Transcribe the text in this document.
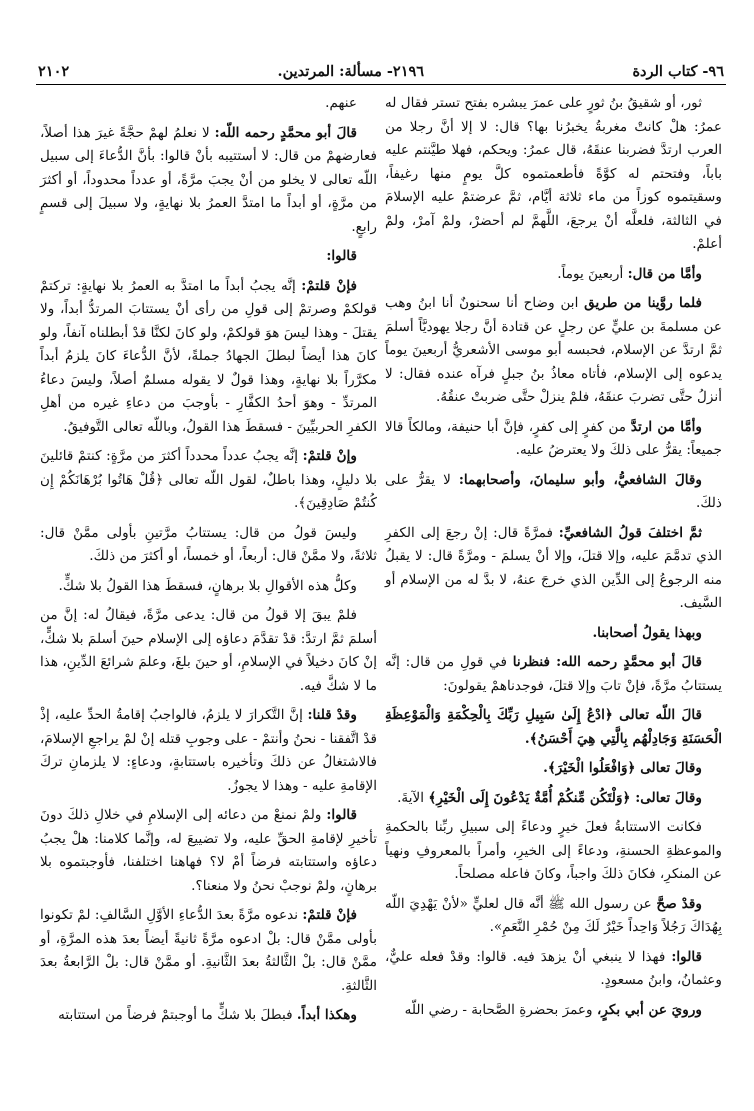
٩٦- كتاب الردة
٢١٩٦- مسألة: المرتدين.
٢١٠٢

ثور، أو شقيقُ بنُ ثورٍ على عمرَ يبشره بفتح تستر فقال له عمرُ: هلْ كانتْ مغربةُ يخبرُنا بها؟ قال: لا إلا أنَّ رجلا من العرب ارتدَّ فضربنا عنقَهُ، قال عمرُ: ويحكم، فهلا طيَّنتم عليه باباً، وفتحتم له كوَّةً فأطعمتموه كلَّ يومٍ منها رغيفاً، وسقيتموه كوزاً من ماء ثلاثة أيَّام، ثمَّ عرضتمْ عليه الإسلامَ في الثالثة، فلعلَّه أنْ يرجعَ، اللَّهمَّ لم أحضرْ، ولمْ آمرْ، ولمْ أعلمْ.

وأمَّا من قال: أربعينَ يوماً.

فلما روَّينا من طريق ابن وضاح أنا سحنونٌ أنا ابنُ وهب عن مسلمةَ بن عليٍّ عن رجلٍ عن قتادة أنَّ رجلا يهوديَّاً أسلمَ ثمَّ ارتدَّ عن الإسلام، فحبسه أبو موسى الأشعريُّ أربعينَ يوماً يدعوه إلى الإسلام، فأتاه معاذُ بنُ جبلٍ فرآه عنده فقال: لا أنزلُ حتَّى تضربَ عنقَهُ، فلمْ ينزلْ حتَّى ضربتْ عنقُهُ.

وأمَّا من ارتدَّ من كفرٍ إلى كفرٍ، فإنَّ أبا حنيفة، ومالكاً قالا جميعاً: يقرُّ على ذلكَ ولا يعترضُ عليه.

وقالَ الشافعيُّ، وأبو سليمانَ، وأصحابهما: لا يقرُّ على ذلكَ.

ثمَّ اختلفَ قولُ الشافعيِّ: فمرَّةً قال: إنْ رجعَ إلى الكفرِ الذي تدمَّمَ عليه، وإلا قتلَ، وإلا أنْ يسلمَ - ومرَّةً قال: لا يقبلُ منه الرجوعُ إلى الدِّين الذي خرجَ عنهُ، لا بدَّ له من الإسلام أو السَّيف.

وبهذا يقولُ أصحابنا.

قالَ أبو محمَّدٍ رحمه الله: فنظرنا في قولِ من قال: إنَّه يستتابُ مرَّةً، فإنْ تابَ وإلا قتلَ، فوجدناهمْ يقولونَ:

قالَ اللّه تعالى ﴿ادْعُ إِلَىٰ سَبِيلِ رَبِّكَ بِالْحِكْمَةِ وَالْمَوْعِظَةِ الْحَسَنَةِ وَجَادِلْهُم بِالَّتِي هِيَ أَحْسَنُ﴾.

وقالَ تعالى ﴿وَافْعَلُوا الْخَيْرَ﴾.

وقالَ تعالى: ﴿وَلْتَكُن مِّنكُمْ أُمَّةٌ يَدْعُونَ إِلَى الْخَيْرِ﴾ الآيةَ.

فكانت الاستتابةُ فعلَ خيرٍ ودعاءً إلى سبيلِ ربِّنا بالحكمةِ والموعظةِ الحسنةِ، ودعاءً إلى الخيرِ، وأمراً بالمعروفِ ونهياً عن المنكرِ، فكانَ ذلكَ واجباً، وكانَ فاعله مصلحاً.

وقدْ صحَّ عن رسول الله ﷺ أنَّه قال لعليٍّ «لأنْ يَهْدِيَ اللّه بِهُدَاكَ رَجُلاً وَاحِداً خَيْرٌ لَكَ مِنْ حُمْرِ النَّعَمِ».

قالوا: فهذا لا ينبغي أنْ يزهدَ فيه. قالوا: وقدْ فعله عليٌّ، وعثمانُ، وابنُ مسعودٍ.

ورويَ عن أبي بكرٍ، وعمرَ بحضرةِ الصَّحابة - رضي اللّه

عنهم.

قالَ أبو محمَّدٍ رحمه اللّه: لا نعلمُ لهمْ حجَّةً غيرَ هذا أصلاً، فعارضهمْ من قال: لا أستتيبه بأنْ قالوا: بأنَّ الدُّعاءَ إلى سبيل اللّه تعالى لا يخلو من أنْ يجبَ مرَّةً، أو عدداً محدوداً، أو أكثرَ من مرَّةٍ، أو أبداً ما امتدَّ العمرُ بلا نهايةٍ، ولا سبيلَ إلى قسمٍ رابعٍ.

قالوا:

فإنْ قلتمْ: إنَّه يجبُ أبداً ما امتدَّ به العمرُ بلا نهايةٍ: تركتمْ قولكمْ وصرتمْ إلى قولِ من رأى أنْ يستتابَ المرتدُّ أبداً، ولا يقتلَ - وهذا ليسَ هوَ قولكمْ، ولو كانَ لكنَّا قدْ أبطلناه آنفاً، ولو كانَ هذا أيضاً لبطلَ الجهادُ جملةً، لأنَّ الدُّعاءَ كانَ يلزمُ أبداً مكرَّراً بلا نهايةٍ، وهذا قولٌ لا يقوله مسلمٌ أصلاً، وليسَ دعاءُ المرتدِّ - وهوَ أحدُ الكفَّارِ - بأوجبَ من دعاءِ غيره من أهلِ الكفرِ الحربيِّينَ - فسقطَ هذا القولُ، وباللّه تعالى التَّوفيقُ.

وإنْ قلتمْ: إنَّه يجبُ عدداً محدداً أكثرَ من مرَّةٍ: كنتمْ قائلينَ بلا دليلٍ، وهذا باطلٌ، لقول اللّه تعالى ﴿قُلْ هَاتُوا بُرْهَانَكُمْ إِن كُنتُمْ صَادِقِينَ﴾.

وليسَ قولُ من قال: يستتابُ مرَّتينِ بأولى ممَّنْ قال: ثلاثةً، ولا ممَّنْ قال: أربعاً، أو خمساً، أو أكثرَ من ذلكَ.

وكلُّ هذه الأقوالِ بلا برهانٍ، فسقطَ هذا القولُ بلا شكٍّ.

فلمْ يبقَ إلا قولُ من قال: يدعى مرَّةً، فيقالُ له: إنَّ من أسلمَ ثمَّ ارتدَّ: قدْ تقدَّمَ دعاؤه إلى الإسلام حينَ أسلمَ بلا شكٍّ، إنْ كانَ دخيلاً في الإسلامِ، أو حينَ بلغَ، وعلمَ شرائعَ الدِّينِ، هذا ما لا شكَّ فيه.

وقدْ قلنا: إنَّ التَّكرارَ لا يلزمُ، فالواجبُ إقامةُ الحدِّ عليه، إذْ قدْ اتَّفقنا - نحنُ وأنتمْ - على وجوبِ قتله إنْ لمْ يراجعِ الإسلامَ، فالاشتغالُ عن ذلكَ وتأخيره باستتابةٍ، ودعاءٍ: لا يلزمانِ تركَ الإقامةِ عليه - وهذا لا يجوزُ.

قالوا: ولمْ نمنعْ من دعائه إلى الإسلامِ في خلالِ ذلكَ دونَ تأخيرِ لإقامةِ الحقِّ عليه، ولا تضييعَ له، وإنَّما كلامنا: هلْ يجبُ دعاؤه واستتابته فرضاً أمْ لا؟ فهاهنا اختلفنا، فأوجبتموه بلا برهانٍ، ولمْ نوجبْ نحنُ ولا منعنا؟.

فإنْ قلتمْ: ندعوه مرَّةً بعدَ الدُّعاءِ الأوَّلِ السَّالفِ: لمْ تكونوا بأولى ممَّنْ قال: بلْ ادعوه مرَّةً ثانيةً أيضاً بعدَ هذه المرَّةِ، أو ممَّنْ قال: بلْ الثَّالثةُ بعدَ الثَّانيةِ. أو ممَّنْ قال: بلْ الرَّابعةُ بعدَ الثَّالثةِ.

وهكذا أبداً. فبطلَ بلا شكٍّ ما أوجبتمْ فرضاً من استتابته
